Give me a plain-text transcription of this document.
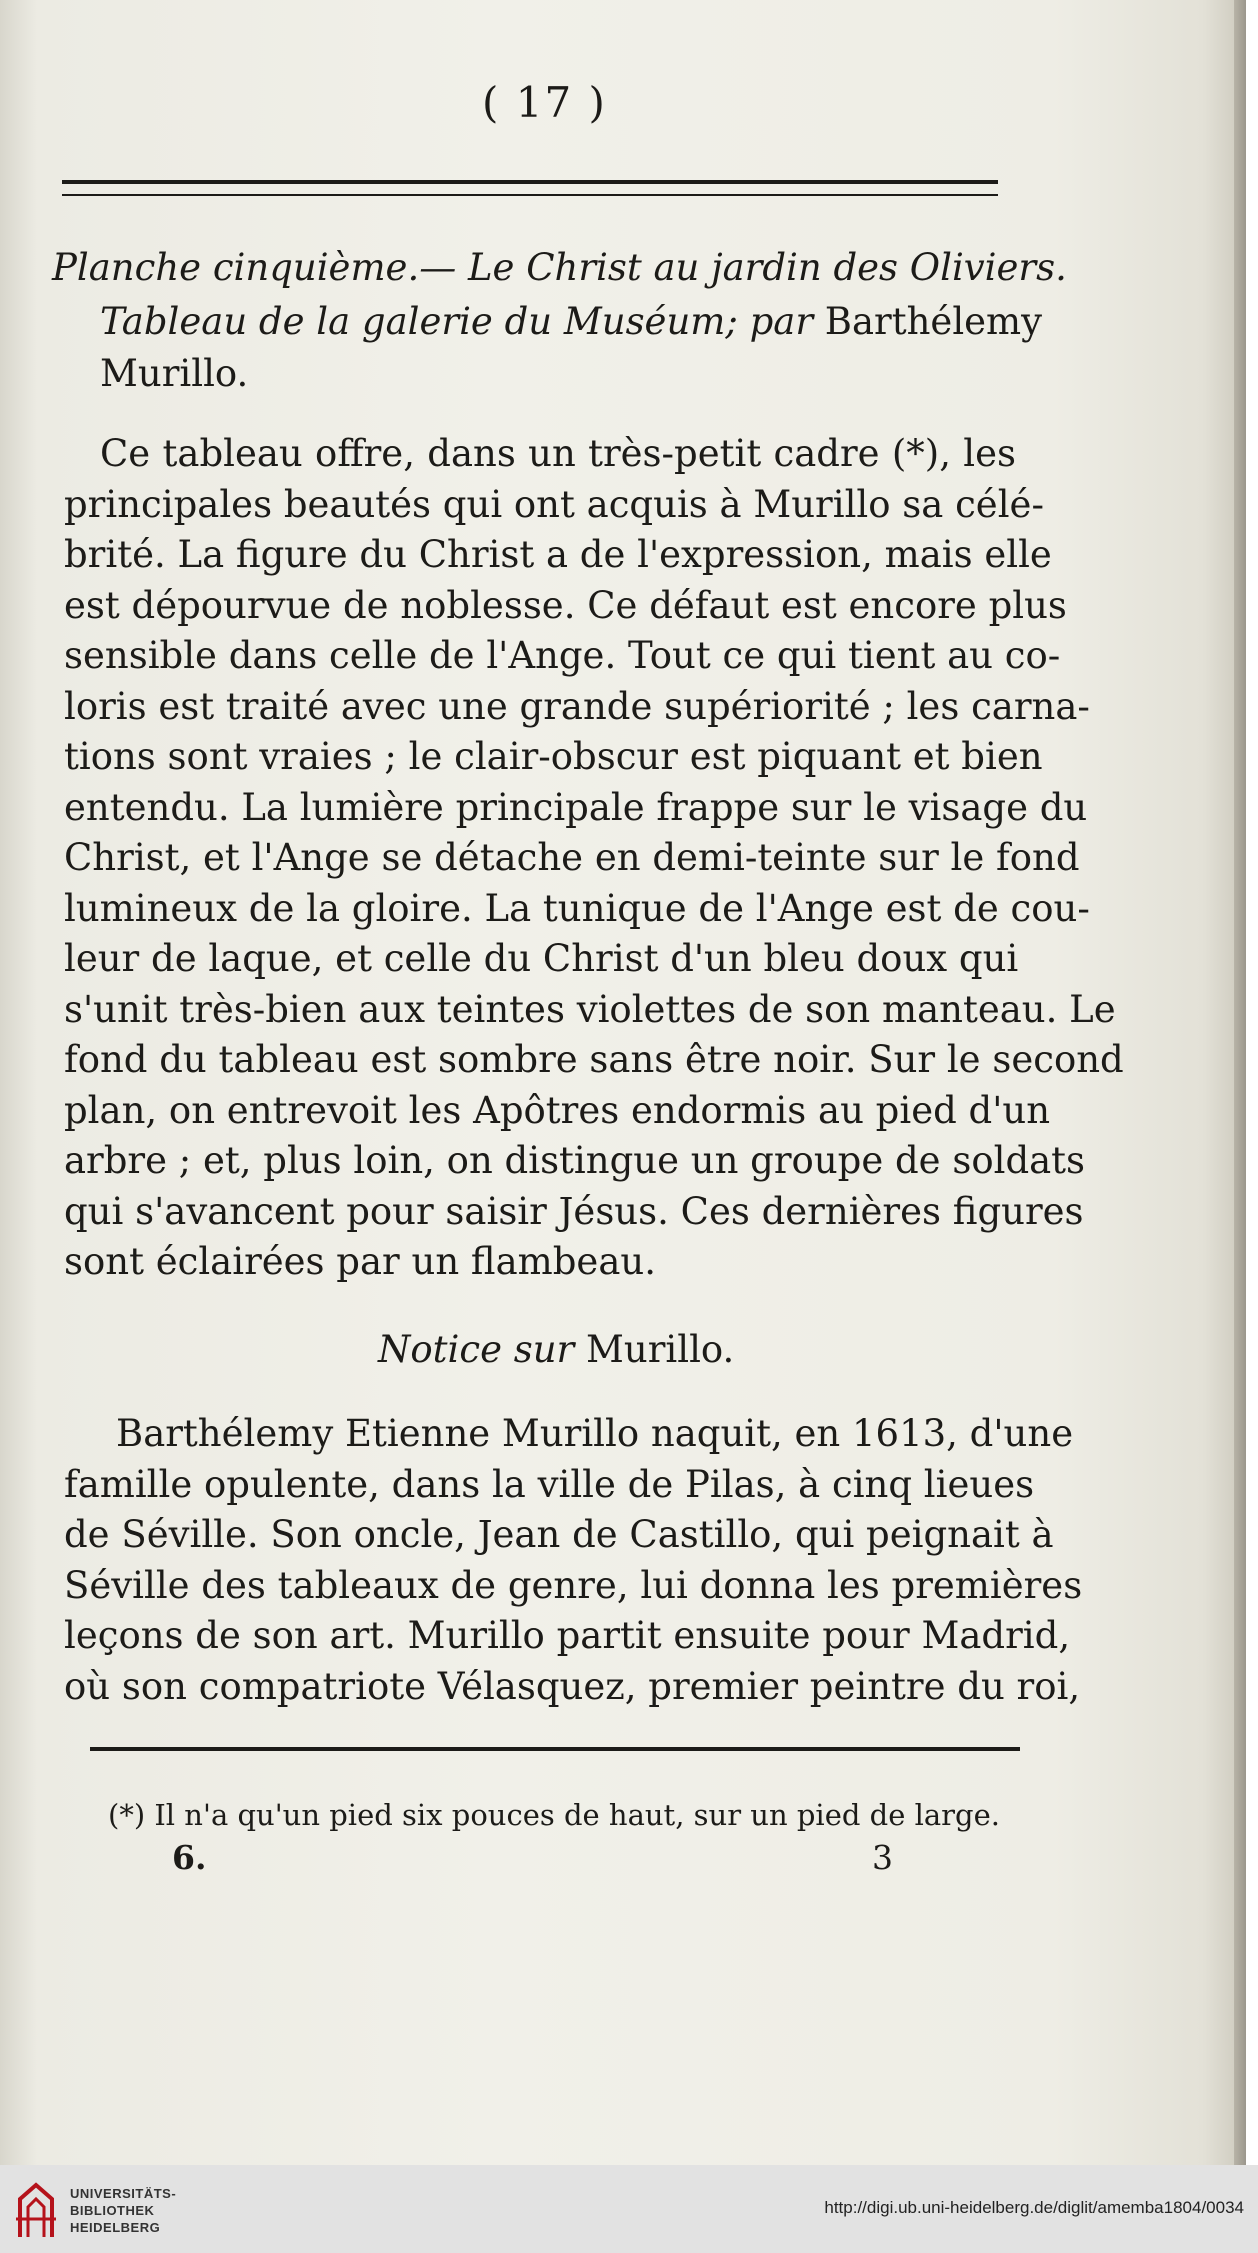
( 17 )
Planche cinquième.— Le Christ au jardin des Oliviers.
Tableau de la galerie du Muséum; par Barthélemy
Murillo.
Ce tableau offre, dans un très-petit cadre (*), les
principales beautés qui ont acquis à Murillo sa célé-
brité. La figure du Christ a de l'expression, mais elle
est dépourvue de noblesse. Ce défaut est encore plus
sensible dans celle de l'Ange. Tout ce qui tient au co-
loris est traité avec une grande supériorité ; les carna-
tions sont vraies ; le clair-obscur est piquant et bien
entendu. La lumière principale frappe sur le visage du
Christ, et l'Ange se détache en demi-teinte sur le fond
lumineux de la gloire. La tunique de l'Ange est de cou-
leur de laque, et celle du Christ d'un bleu doux qui
s'unit très-bien aux teintes violettes de son manteau. Le
fond du tableau est sombre sans être noir. Sur le second
plan, on entrevoit les Apôtres endormis au pied d'un
arbre ; et, plus loin, on distingue un groupe de soldats
qui s'avancent pour saisir Jésus. Ces dernières figures
sont éclairées par un flambeau.
Notice sur Murillo.
Barthélemy Etienne Murillo naquit, en 1613, d'une
famille opulente, dans la ville de Pilas, à cinq lieues
de Séville. Son oncle, Jean de Castillo, qui peignait à
Séville des tableaux de genre, lui donna les premières
leçons de son art. Murillo partit ensuite pour Madrid,
où son compatriote Vélasquez, premier peintre du roi,
(*) Il n'a qu'un pied six pouces de haut, sur un pied de large.
6.	3
UNIVERSITÄTS-
BIBLIOTHEK
HEIDELBERG
http://digi.ub.uni-heidelberg.de/diglit/amemba1804/0034
